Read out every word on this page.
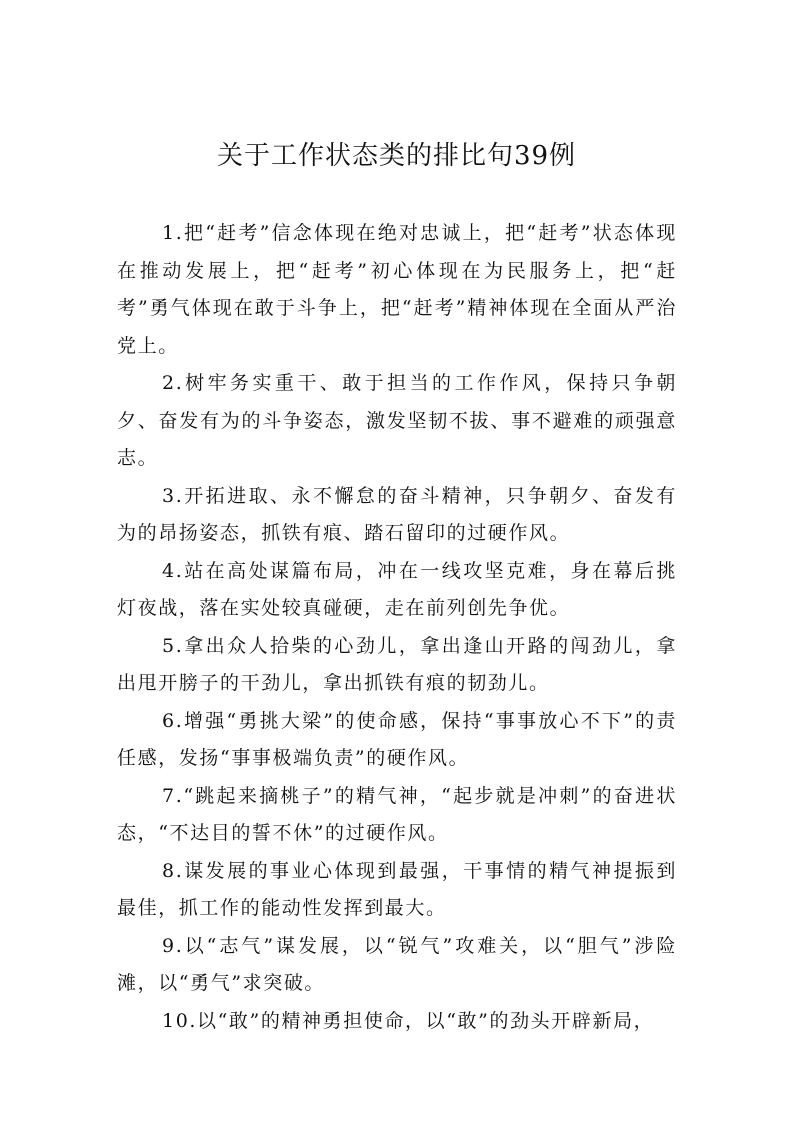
关于工作状态类的排比句39例

1.把“赶考”信念体现在绝对忠诚上，把“赶考”状态体现在推动发展上，把“赶考”初心体现在为民服务上，把“赶考”勇气体现在敢于斗争上，把“赶考”精神体现在全面从严治党上。

2.树牢务实重干、敢于担当的工作作风，保持只争朝夕、奋发有为的斗争姿态，激发坚韧不拔、事不避难的顽强意志。

3.开拓进取、永不懈怠的奋斗精神，只争朝夕、奋发有为的昂扬姿态，抓铁有痕、踏石留印的过硬作风。

4.站在高处谋篇布局，冲在一线攻坚克难，身在幕后挑灯夜战，落在实处较真碰硬，走在前列创先争优。

5.拿出众人拾柴的心劲儿，拿出逢山开路的闯劲儿，拿出甩开膀子的干劲儿，拿出抓铁有痕的韧劲儿。

6.增强“勇挑大梁”的使命感，保持“事事放心不下”的责任感，发扬“事事极端负责”的硬作风。

7.“跳起来摘桃子”的精气神，“起步就是冲刺”的奋进状态，“不达目的誓不休”的过硬作风。

8.谋发展的事业心体现到最强，干事情的精气神提振到最佳，抓工作的能动性发挥到最大。

9.以“志气”谋发展，以“锐气”攻难关，以“胆气”涉险滩，以“勇气”求突破。

10.以“敢”的精神勇担使命，以“敢”的劲头开辟新局，
